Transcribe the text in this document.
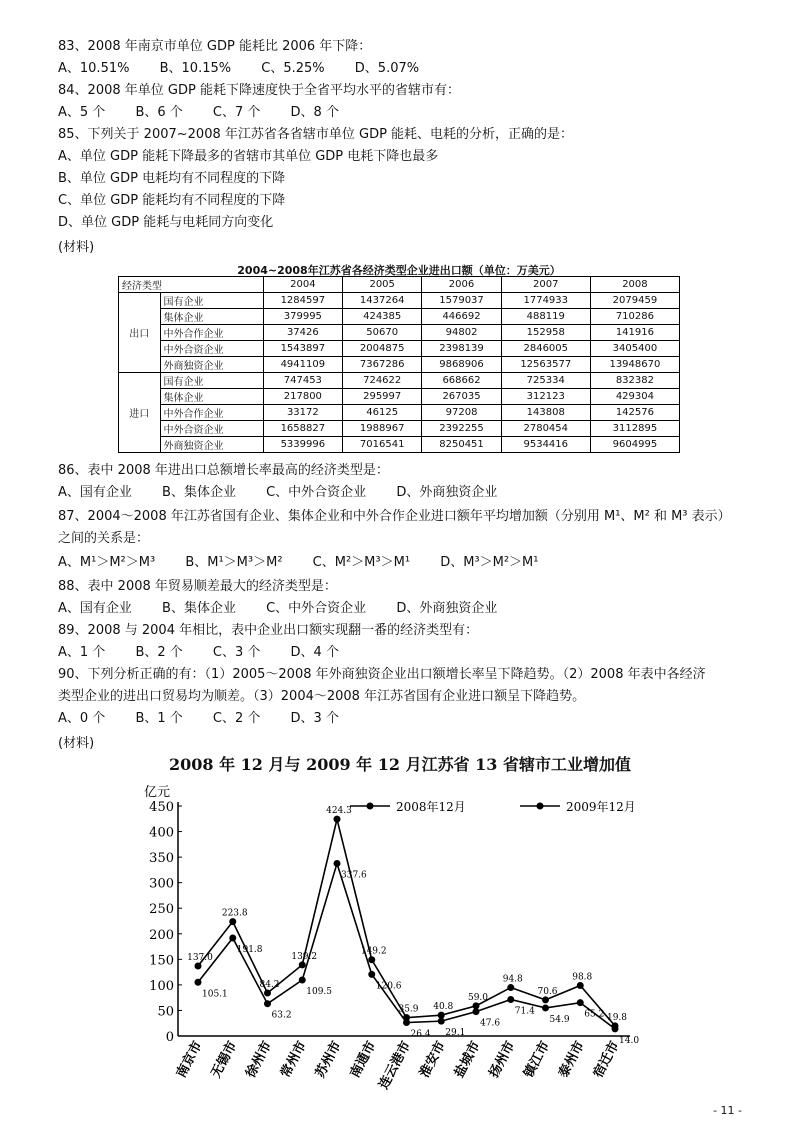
83、2008 年南京市单位 GDP 能耗比 2006 年下降：
A、10.51% B、10.15% C、5.25% D、5.07%
84、2008 年单位 GDP 能耗下降速度快于全省平均水平的省辖市有：
A、5 个 B、6 个 C、7 个 D、8 个
85、下列关于 2007~2008 年江苏省各省辖市单位 GDP 能耗、电耗的分析，正确的是：
A、单位 GDP 能耗下降最多的省辖市其单位 GDP 电耗下降也最多
B、单位 GDP 电耗均有不同程度的下降
C、单位 GDP 能耗均有不同程度的下降
D、单位 GDP 能耗与电耗同方向变化
(材料)
2004~2008年江苏省各经济类型企业进出口额（单位：万美元）
经济类型		2004	2005	2006	2007	2008
出口	国有企业	1284597	1437264	1579037	1774933	2079459
	集体企业	379995	424385	446692	488119	710286
	中外合作企业	37426	50670	94802	152958	141916
	中外合资企业	1543897	2004875	2398139	2846005	3405400
	外商独资企业	4941109	7367286	9868906	12563577	13948670
进口	国有企业	747453	724622	668662	725334	832382
	集体企业	217800	295997	267035	312123	429304
	中外合作企业	33172	46125	97208	143808	142576
	中外合资企业	1658827	1988967	2392255	2780454	3112895
	外商独资企业	5339996	7016541	8250451	9534416	9604995
86、表中 2008 年进出口总额增长率最高的经济类型是：
A、国有企业 B、集体企业 C、中外合资企业 D、外商独资企业
87、2004～2008 年江苏省国有企业、集体企业和中外合作企业进口额年平均增加额（分别用 M¹、M² 和 M³ 表示）
之间的关系是：
A、M¹＞M²＞M³ B、M¹＞M³＞M² C、M²＞M³＞M¹ D、M³＞M²＞M¹
88、表中 2008 年贸易顺差最大的经济类型是：
A、国有企业 B、集体企业 C、中外合资企业 D、外商独资企业
89、2008 与 2004 年相比，表中企业出口额实现翻一番的经济类型有：
A、1 个 B、2 个 C、3 个 D、4 个
90、下列分析正确的有：（1）2005～2008 年外商独资企业出口额增长率呈下降趋势。（2）2008 年表中各经济
类型企业的进出口贸易均为顺差。（3）2004～2008 年江苏省国有企业进口额呈下降趋势。
A、0 个 B、1 个 C、2 个 D、3 个
(材料)
2008 年 12 月与 2009 年 12 月江苏省 13 省辖市工业增加值
亿元
0
50
100
150
200
250
300
350
400
450
南京市 无锡市 徐州市 常州市 苏州市 南通市
连云港市 淮安市 盐城市 扬州市 镇江市 泰州市 宿迁市
105.1
191.8
63.2
109.5
337.6
120.6
26.4 29.1
47.6
71.4
54.9
65.2
14.0
137.0
223.8
84.2
139.2
424.3
149.2
35.9 40.8
59.0
94.8
70.6
98.8
19.8
2008年12月	2009年12月
- 11 -
